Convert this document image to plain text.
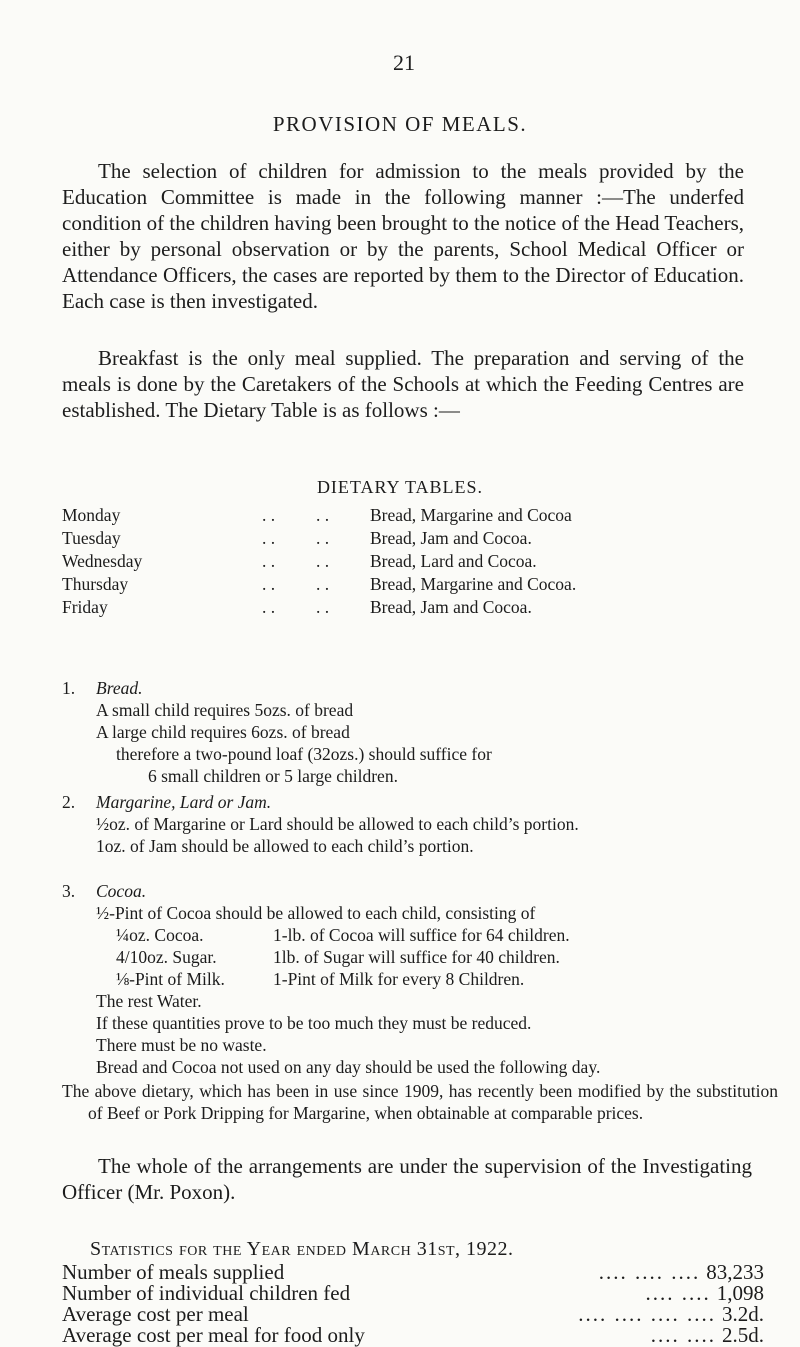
21
PROVISION OF MEALS.
The selection of children for admission to the meals provided by the Education Committee is made in the following manner :—The underfed condition of the children having been brought to the notice of the Head Teachers, either by personal observation or by the parents, School Medical Officer or Attendance Officers, the cases are reported by them to the Director of Education. Each case is then investigated.
Breakfast is the only meal supplied. The preparation and serving of the meals is done by the Caretakers of the Schools at which the Feeding Centres are established. The Dietary Table is as follows :—
DIETARY TABLES.
Monday	. .	. .	Bread, Margarine and Cocoa
Tuesday	. .	. .	Bread, Jam and Cocoa.
Wednesday	. .	. .	Bread, Lard and Cocoa.
Thursday	. .	. .	Bread, Margarine and Cocoa.
Friday	. .	. .	Bread, Jam and Cocoa.
1. Bread.
A small child requires 5ozs. of bread
A large child requires 6ozs. of bread
therefore a two-pound loaf (32ozs.) should suffice for
6 small children or 5 large children.
2. Margarine, Lard or Jam.
½oz. of Margarine or Lard should be allowed to each child’s portion.
1oz. of Jam should be allowed to each child’s portion.
3. Cocoa.
½-Pint of Cocoa should be allowed to each child, consisting of
¼oz. Cocoa.	1-lb. of Cocoa will suffice for 64 children.
4/10oz. Sugar.	1lb. of Sugar will suffice for 40 children.
⅛-Pint of Milk.	1-Pint of Milk for every 8 Children.
The rest Water.
If these quantities prove to be too much they must be reduced.
There must be no waste.
Bread and Cocoa not used on any day should be used the following day.
The above dietary, which has been in use since 1909, has recently been modified by the substitution of Beef or Pork Dripping for Margarine, when obtainable at comparable prices.
The whole of the arrangements are under the supervision of the Investigating Officer (Mr. Poxon).
Statistics for the Year ended March 31st, 1922.
Number of meals supplied	.... .... .... 83,233
Number of individual children fed	.... .... 1,098
Average cost per meal	.... .... .... .... 3.2d.
Average cost per meal for food only	.... .... 2.5d.
